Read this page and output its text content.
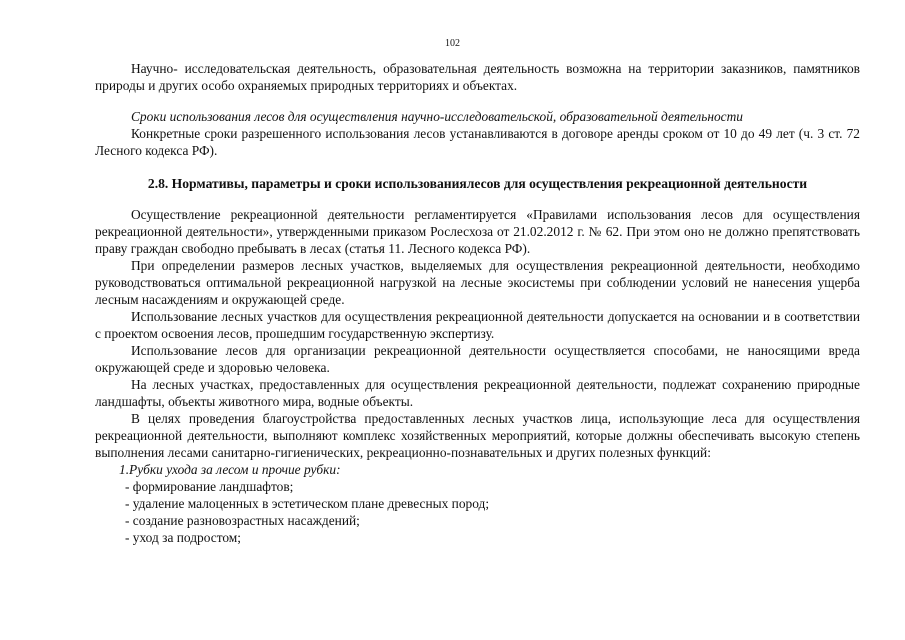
102

Научно- исследовательская деятельность, образовательная деятельность возможна на территории заказников, памятников природы и других особо охраняемых природных территориях и объектах.

Сроки использования лесов для осуществления научно-исследовательской, образовательной деятельности

Конкретные сроки разрешенного использования лесов устанавливаются в договоре аренды сроком от 10 до 49 лет (ч. 3 ст. 72 Лесного кодекса РФ).

2.8. Нормативы, параметры и сроки использованиялесов для осуществления рекреационной деятельности

Осуществление рекреационной деятельности регламентируется «Правилами использования лесов для осуществления рекреационной деятельности», утвержденными приказом Рослесхоза от 21.02.2012 г. № 62. При этом оно не должно препятствовать праву граждан свободно пребывать в лесах (статья 11. Лесного кодекса РФ).

При определении размеров лесных участков, выделяемых для осуществления рекреационной деятельности, необходимо руководствоваться оптимальной рекреационной нагрузкой на лесные экосистемы при соблюдении условий не нанесения ущерба лесным насаждениям и окружающей среде.

Использование лесных участков для осуществления рекреационной деятельности допускается на основании и в соответствии с проектом освоения лесов, прошедшим государственную экспертизу.

Использование лесов для организации рекреационной деятельности осуществляется способами, не наносящими вреда окружающей среде и здоровью человека.

На лесных участках, предоставленных для осуществления рекреационной деятельности, подлежат сохранению природные ландшафты, объекты животного мира, водные объекты.

В целях проведения благоустройства предоставленных лесных участков лица, использующие леса для осуществления рекреационной деятельности, выполняют комплекс хозяйственных мероприятий, которые должны обеспечивать высокую степень выполнения лесами санитарно-гигиенических, рекреационно-познавательных и других полезных функций:

1.Рубки ухода за лесом и прочие рубки:

- формирование ландшафтов;
- удаление малоценных в эстетическом плане древесных пород;
- создание разновозрастных насаждений;
- уход за подростом;
